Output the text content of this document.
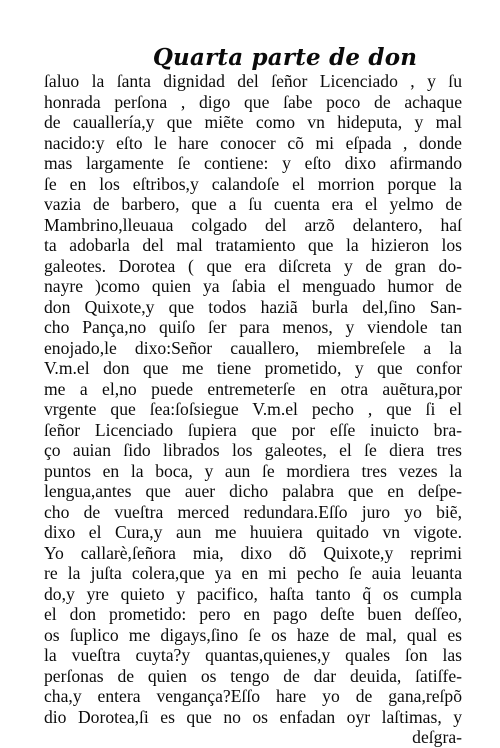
Quarta parte de don
ſaluo la ſanta dignidad del ſeñor Licenciado , y ſu
honrada perſona , digo que ſabe poco de achaque
de cauallería,y que miẽte como vn hideputa, y mal
nacido:y eſto le hare conocer cõ mi eſpada , donde
mas largamente ſe contiene: y eſto dixo afirmando
ſe en los eſtribos,y calandoſe el morrion porque la
vazia de barbero, que a ſu cuenta era el yelmo de
Mambrino,lleuaua colgado del arzõ delantero, haſ
ta adobarla del mal tratamiento que la hizieron los
galeotes. Dorotea ( que era diſcreta y de gran do-
nayre )como quien ya ſabia el menguado humor de
don Quixote,y que todos haziã burla del,ſino San-
cho Pança,no quiſo ſer para menos, y viendole tan
enojado,le dixo:Señor cauallero, miembreſele a la
V.m.el don que me tiene prometido, y que confor
me a el,no puede entremeterſe en otra auẽtura,por
vrgente que ſea:ſoſsiegue V.m.el pecho , que ſi el
ſeñor Licenciado ſupiera que por eſſe inuicto bra-
ço auian ſido librados los galeotes, el ſe diera tres
puntos en la boca, y aun ſe mordiera tres vezes la
lengua,antes que auer dicho palabra que en deſpe-
cho de vueſtra merced redundara.Eſſo juro yo biẽ,
dixo el Cura,y aun me huuiera quitado vn vigote.
Yo callarè,ſeñora mia, dixo dõ Quixote,y reprimi
re la juſta colera,que ya en mi pecho ſe auia leuanta
do,y yre quieto y pacifico, haſta tanto q̃ os cumpla
el don prometido: pero en pago deſte buen deſſeo,
os ſuplico me digays,ſino ſe os haze de mal, qual es
la vueſtra cuyta?y quantas,quienes,y quales ſon las
perſonas de quien os tengo de dar deuida, ſatiſfe-
cha,y entera vengança?Eſſo hare yo de gana,reſpõ
dio Dorotea,ſi es que no os enfadan oyr laſtimas, y
deſgra-
